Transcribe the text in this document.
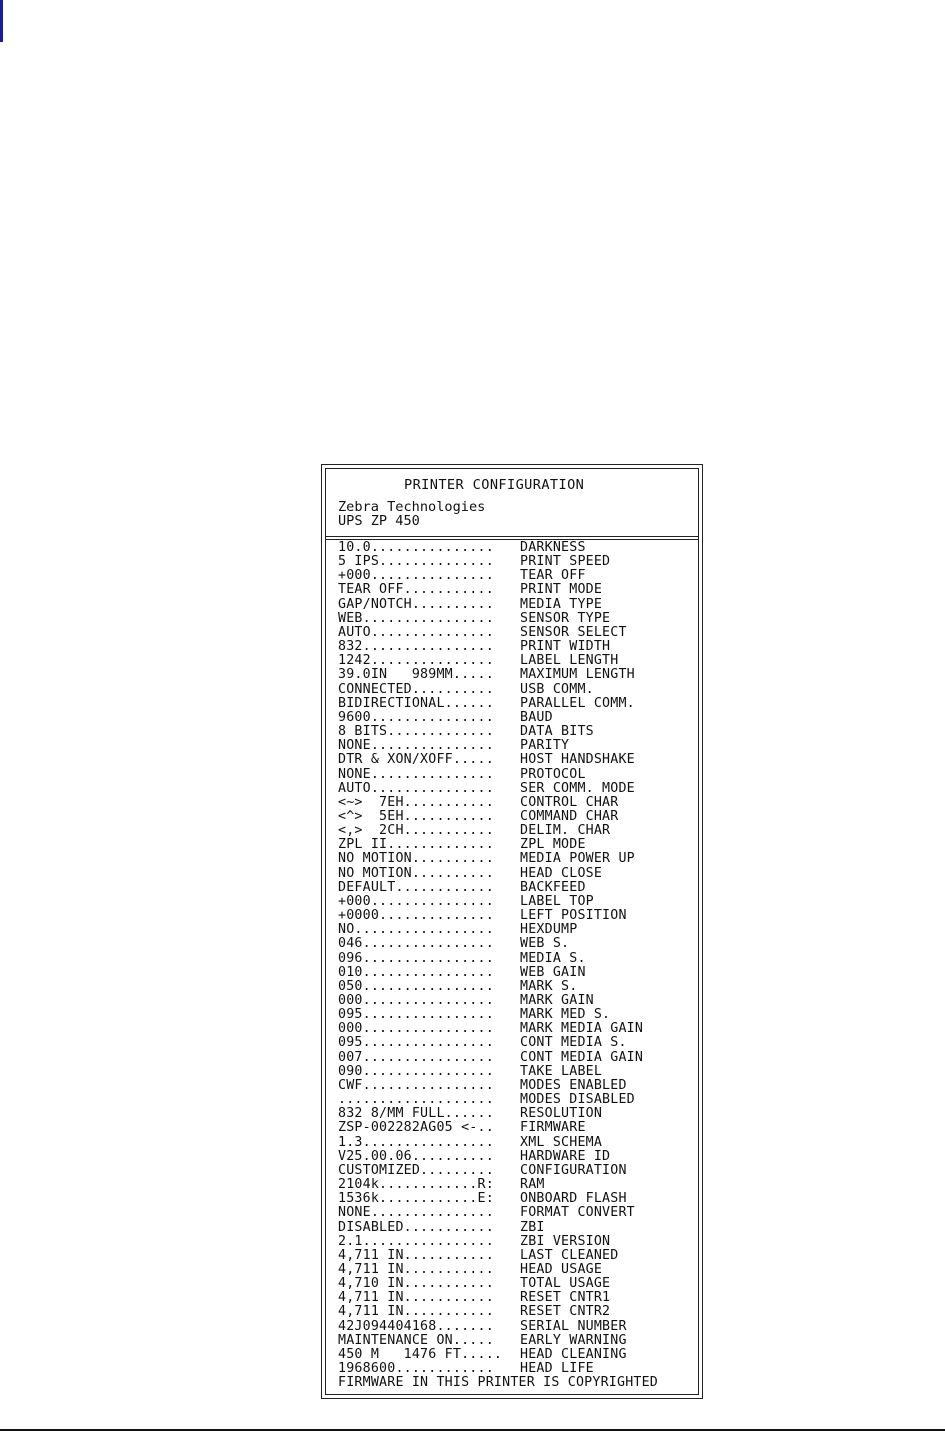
PRINTER CONFIGURATION
Zebra Technologies
UPS ZP 450
10.0...............	DARKNESS
5 IPS..............	PRINT SPEED
+000...............	TEAR OFF
TEAR OFF...........	PRINT MODE
GAP/NOTCH..........	MEDIA TYPE
WEB................	SENSOR TYPE
AUTO...............	SENSOR SELECT
832................	PRINT WIDTH
1242...............	LABEL LENGTH
39.0IN   989MM.....	MAXIMUM LENGTH
CONNECTED..........	USB COMM.
BIDIRECTIONAL......	PARALLEL COMM.
9600...............	BAUD
8 BITS.............	DATA BITS
NONE...............	PARITY
DTR & XON/XOFF.....	HOST HANDSHAKE
NONE...............	PROTOCOL
AUTO...............	SER COMM. MODE
<~>  7EH...........	CONTROL CHAR
<^>  5EH...........	COMMAND CHAR
<,>  2CH...........	DELIM. CHAR
ZPL II.............	ZPL MODE
NO MOTION..........	MEDIA POWER UP
NO MOTION..........	HEAD CLOSE
DEFAULT............	BACKFEED
+000...............	LABEL TOP
+0000..............	LEFT POSITION
NO.................	HEXDUMP
046................	WEB S.
096................	MEDIA S.
010................	WEB GAIN
050................	MARK S.
000................	MARK GAIN
095................	MARK MED S.
000................	MARK MEDIA GAIN
095................	CONT MEDIA S.
007................	CONT MEDIA GAIN
090................	TAKE LABEL
CWF................	MODES ENABLED
...................	MODES DISABLED
832 8/MM FULL......	RESOLUTION
ZSP-002282AG05 <-..	FIRMWARE
1.3................	XML SCHEMA
V25.00.06..........	HARDWARE ID
CUSTOMIZED.........	CONFIGURATION
2104k............R:	RAM
1536k............E:	ONBOARD FLASH
NONE...............	FORMAT CONVERT
DISABLED...........	ZBI
2.1................	ZBI VERSION
4,711 IN...........	LAST CLEANED
4,711 IN...........	HEAD USAGE
4,710 IN...........	TOTAL USAGE
4,711 IN...........	RESET CNTR1
4,711 IN...........	RESET CNTR2
42J094404168.......	SERIAL NUMBER
MAINTENANCE ON.....	EARLY WARNING
450 M   1476 FT.....	HEAD CLEANING
1968600............	HEAD LIFE
FIRMWARE IN THIS PRINTER IS COPYRIGHTED
